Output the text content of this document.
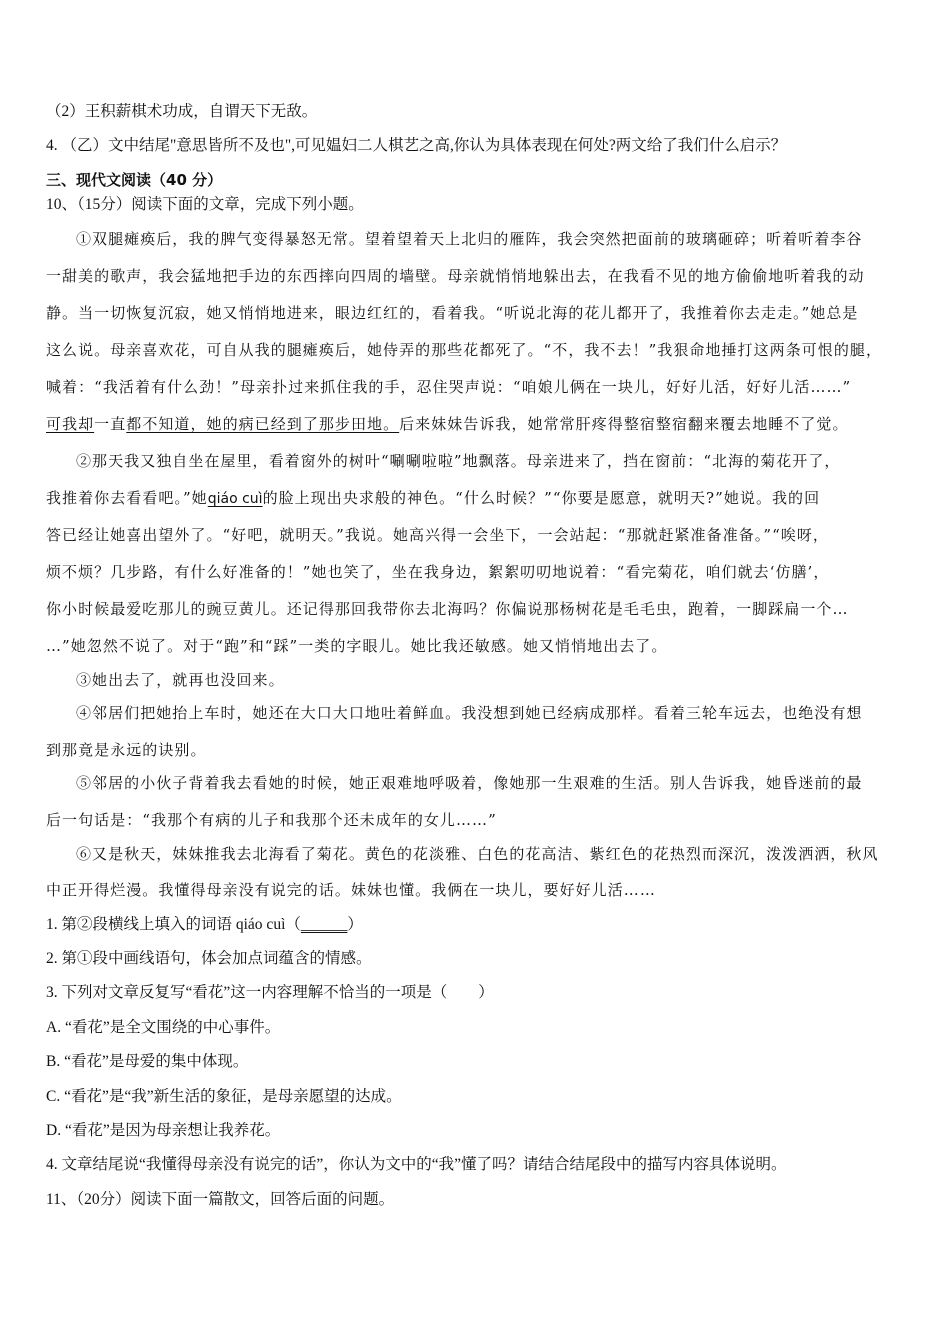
（2）王积薪棋术功成，自谓天下无敌。
4. （乙）文中结尾"意思皆所不及也",可见媪妇二人棋艺之高,你认为具体表现在何处?两文给了我们什么启示？
三、现代文阅读（40 分）
10、（15分）阅读下面的文章，完成下列小题。
①双腿瘫痪后，我的脾气变得暴怒无常。望着望着天上北归的雁阵，我会突然把面前的玻璃砸碎；听着听着李谷
一甜美的歌声，我会猛地把手边的东西摔向四周的墙壁。母亲就悄悄地躲出去，在我看不见的地方偷偷地听着我的动
静。当一切恢复沉寂，她又悄悄地进来，眼边红红的，看着我。“听说北海的花儿都开了，我推着你去走走。”她总是
这么说。母亲喜欢花，可自从我的腿瘫痪后，她侍弄的那些花都死了。“不，我不去！”我狠命地捶打这两条可恨的腿，
喊着：“我活着有什么劲！”母亲扑过来抓住我的手，忍住哭声说：“咱娘儿俩在一块儿，好好儿活，好好儿活……”
可我却一直都不知道，她的病已经到了那步田地。后来妹妹告诉我，她常常肝疼得整宿整宿翻来覆去地睡不了觉。
②那天我又独自坐在屋里，看着窗外的树叶“唰唰啦啦”地飘落。母亲进来了，挡在窗前：“北海的菊花开了，
我推着你去看看吧。”她qiáo cuì的脸上现出央求般的神色。“什么时候？”“你要是愿意，就明天?”她说。我的回
答已经让她喜出望外了。“好吧，就明天。”我说。她高兴得一会坐下，一会站起：“那就赶紧准备准备。”“唉呀，
烦不烦？几步路，有什么好准备的！”她也笑了，坐在我身边，絮絮叨叨地说着：“看完菊花，咱们就去‘仿膳’，
你小时候最爱吃那儿的豌豆黄儿。还记得那回我带你去北海吗？你偏说那杨树花是毛毛虫，跑着，一脚踩扁一个…
…”她忽然不说了。对于“跑”和“踩”一类的字眼儿。她比我还敏感。她又悄悄地出去了。
③她出去了，就再也没回来。
④邻居们把她抬上车时，她还在大口大口地吐着鲜血。我没想到她已经病成那样。看着三轮车远去，也绝没有想
到那竟是永远的诀别。
⑤邻居的小伙子背着我去看她的时候，她正艰难地呼吸着，像她那一生艰难的生活。别人告诉我，她昏迷前的最
后一句话是：“我那个有病的儿子和我那个还未成年的女儿……”
⑥又是秋天，妹妹推我去北海看了菊花。黄色的花淡雅、白色的花高洁、紫红色的花热烈而深沉，泼泼洒洒，秋风
中正开得烂漫。我懂得母亲没有说完的话。妹妹也懂。我俩在一块儿，要好好儿活……
1. 第②段横线上填入的词语 qiáo cuì（______）
2. 第①段中画线语句，体会加点词蕴含的情感。
3. 下列对文章反复写“看花”这一内容理解不恰当的一项是（　　）
A. “看花”是全文围绕的中心事件。
B. “看花”是母爱的集中体现。
C. “看花”是“我”新生活的象征，是母亲愿望的达成。
D. “看花”是因为母亲想让我养花。
4. 文章结尾说“我懂得母亲没有说完的话”，你认为文中的“我”懂了吗？请结合结尾段中的描写内容具体说明。
11、（20分）阅读下面一篇散文，回答后面的问题。
